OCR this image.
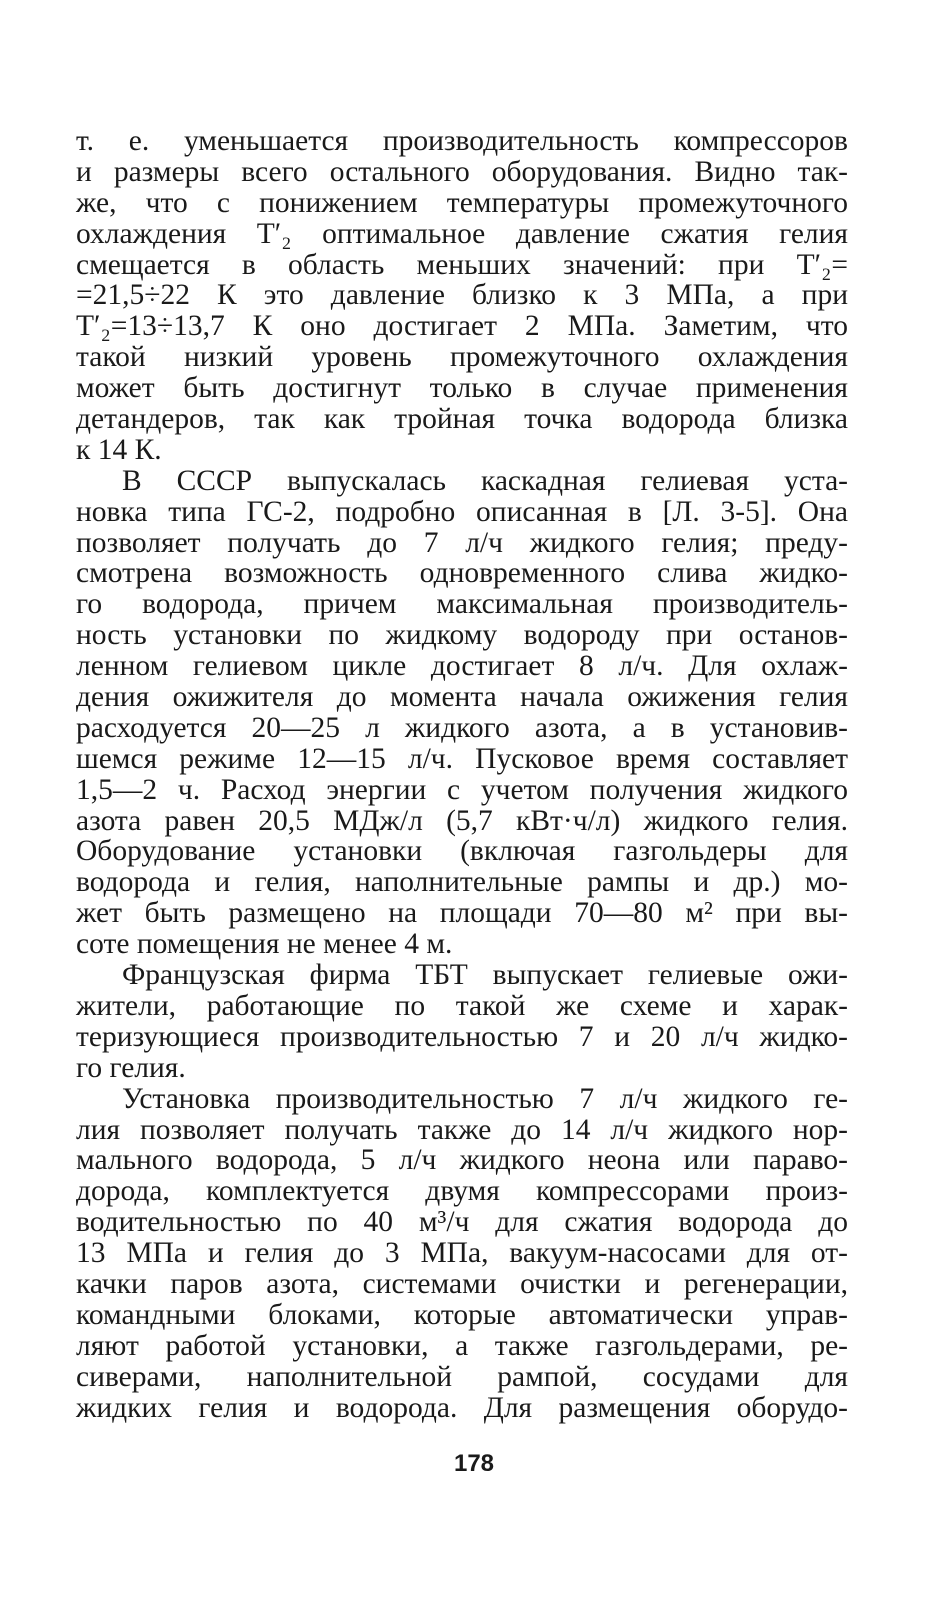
т. е. уменьшается производительность компрессоров
и размеры всего остального оборудования. Видно так-
же, что с понижением температуры промежуточного
охлаждения T′₂ оптимальное давление сжатия гелия
смещается в область меньших значений: при T′₂=
=21,5÷22 К это давление близко к 3 МПа, а при
T′₂=13÷13,7 К оно достигает 2 МПа. Заметим, что
такой низкий уровень промежуточного охлаждения
может быть достигнут только в случае применения
детандеров, так как тройная точка водорода близка
к 14 К.
В СССР выпускалась каскадная гелиевая уста-
новка типа ГС-2, подробно описанная в [Л. 3-5]. Она
позволяет получать до 7 л/ч жидкого гелия; преду-
смотрена возможность одновременного слива жидко-
го водорода, причем максимальная производитель-
ность установки по жидкому водороду при останов-
ленном гелиевом цикле достигает 8 л/ч. Для охлаж-
дения ожижителя до момента начала ожижения гелия
расходуется 20—25 л жидкого азота, а в установив-
шемся режиме 12—15 л/ч. Пусковое время составляет
1,5—2 ч. Расход энергии с учетом получения жидкого
азота равен 20,5 МДж/л (5,7 кВт·ч/л) жидкого гелия.
Оборудование установки (включая газгольдеры для
водорода и гелия, наполнительные рампы и др.) мо-
жет быть размещено на площади 70—80 м² при вы-
соте помещения не менее 4 м.
Французская фирма ТБТ выпускает гелиевые ожи-
жители, работающие по такой же схеме и харак-
теризующиеся производительностью 7 и 20 л/ч жидко-
го гелия.
Установка производительностью 7 л/ч жидкого ге-
лия позволяет получать также до 14 л/ч жидкого нор-
мального водорода, 5 л/ч жидкого неона или параво-
дорода, комплектуется двумя компрессорами произ-
водительностью по 40 м³/ч для сжатия водорода до
13 МПа и гелия до 3 МПа, вакуум-насосами для от-
качки паров азота, системами очистки и регенерации,
командными блоками, которые автоматически управ-
ляют работой установки, а также газгольдерами, ре-
сиверами, наполнительной рампой, сосудами для
жидких гелия и водорода. Для размещения оборудо-
178
